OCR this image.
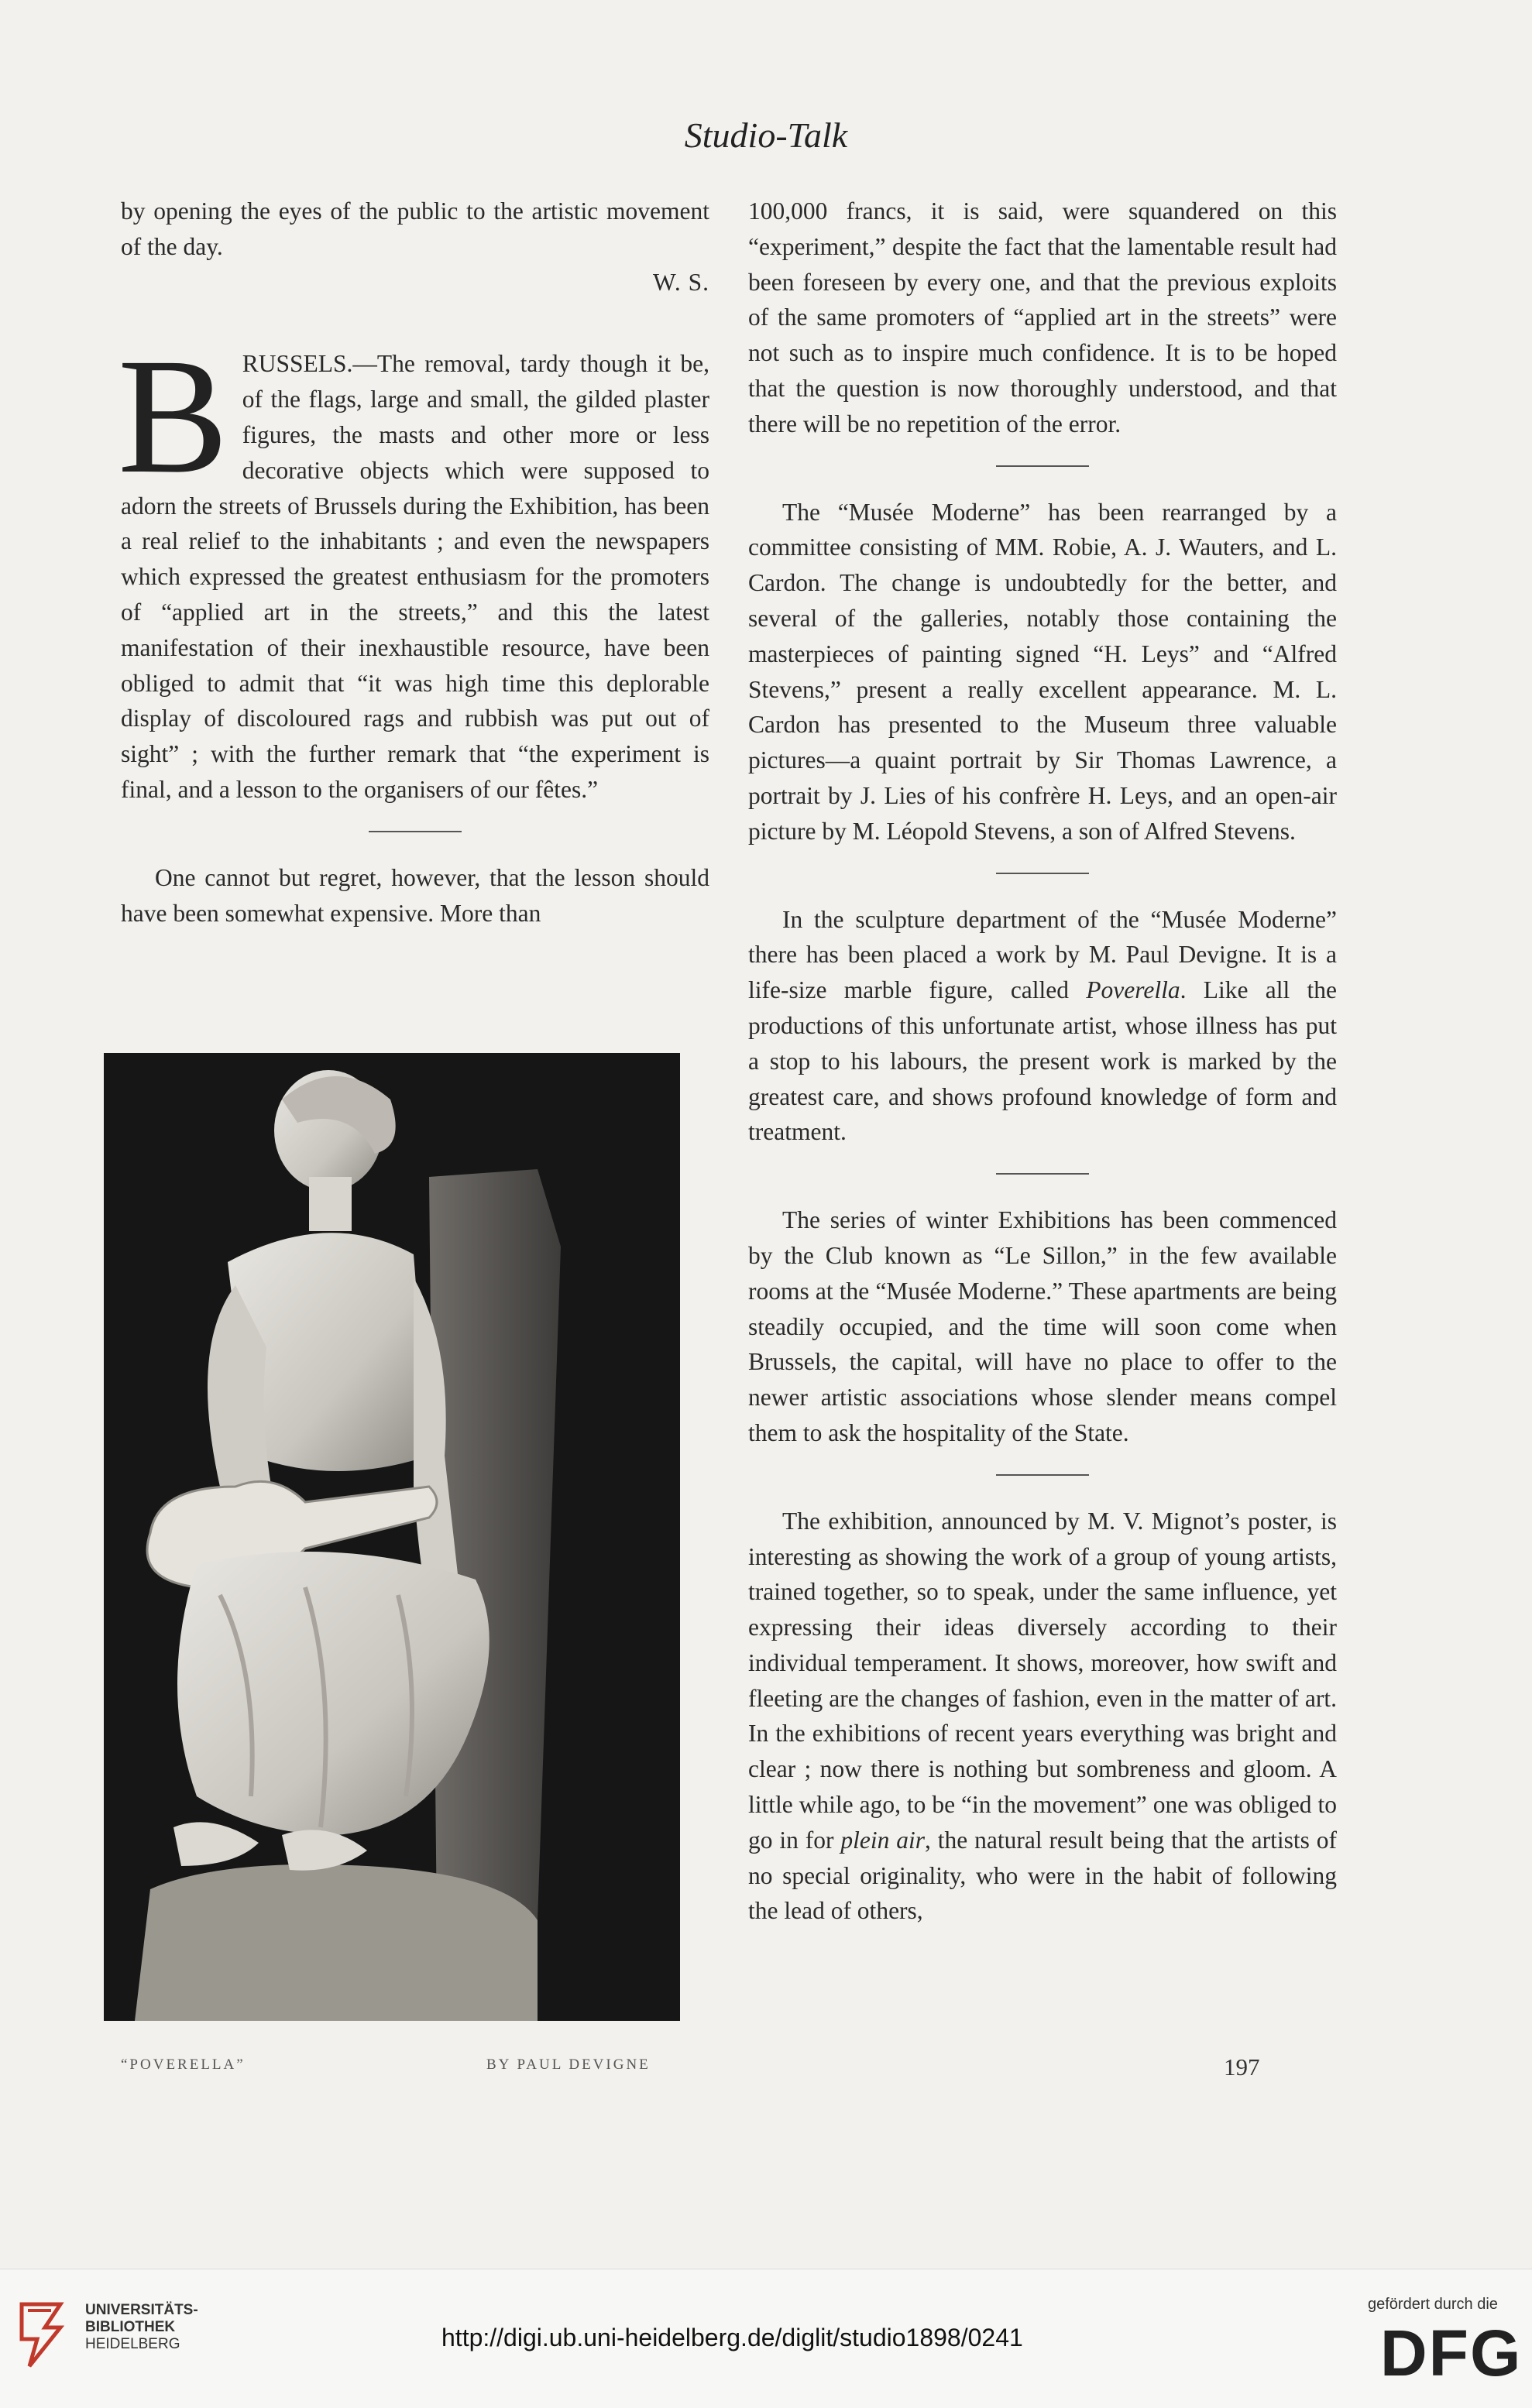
Studio-Talk

by opening the eyes of the public to the artistic movement of the day.

W. S.

BRUSSELS.—The removal, tardy though it be, of the flags, large and small, the gilded plaster figures, the masts and other more or less decorative objects which were supposed to adorn the streets of Brussels during the Exhibition, has been a real relief to the inhabitants ; and even the newspapers which expressed the greatest enthusiasm for the promoters of “applied art in the streets,” and this the latest manifestation of their inexhaustible resource, have been obliged to admit that “it was high time this deplorable display of discoloured rags and rubbish was put out of sight” ; with the further remark that “the experiment is final, and a lesson to the organisers of our fêtes.”

One cannot but regret, however, that the lesson should have been somewhat expensive. More than

“POVERELLA”	BY PAUL DEVIGNE

100,000 francs, it is said, were squandered on this “experiment,” despite the fact that the lamentable result had been foreseen by every one, and that the previous exploits of the same promoters of “applied art in the streets” were not such as to inspire much confidence. It is to be hoped that the question is now thoroughly understood, and that there will be no repetition of the error.

The “Musée Moderne” has been rearranged by a committee consisting of MM. Robie, A. J. Wauters, and L. Cardon. The change is undoubtedly for the better, and several of the galleries, notably those containing the masterpieces of painting signed “H. Leys” and “Alfred Stevens,” present a really excellent appearance. M. L. Cardon has presented to the Museum three valuable pictures—a quaint portrait by Sir Thomas Lawrence, a portrait by J. Lies of his confrère H. Leys, and an open-air picture by M. Léopold Stevens, a son of Alfred Stevens.

In the sculpture department of the “Musée Moderne” there has been placed a work by M. Paul Devigne. It is a life-size marble figure, called Poverella. Like all the productions of this unfortunate artist, whose illness has put a stop to his labours, the present work is marked by the greatest care, and shows profound knowledge of form and treatment.

The series of winter Exhibitions has been commenced by the Club known as “Le Sillon,” in the few available rooms at the “Musée Moderne.” These apartments are being steadily occupied, and the time will soon come when Brussels, the capital, will have no place to offer to the newer artistic associations whose slender means compel them to ask the hospitality of the State.

The exhibition, announced by M. V. Mignot’s poster, is interesting as showing the work of a group of young artists, trained together, so to speak, under the same influence, yet expressing their ideas diversely according to their individual temperament. It shows, moreover, how swift and fleeting are the changes of fashion, even in the matter of art. In the exhibitions of recent years everything was bright and clear ; now there is nothing but sombreness and gloom. A little while ago, to be “in the movement” one was obliged to go in for plein air, the natural result being that the artists of no special originality, who were in the habit of following the lead of others,

197
UNIVERSITÄTS-
BIBLIOTHEK
HEIDELBERG	http://digi.ub.uni-heidelberg.de/diglit/studio1898/0241
gefördert durch die
DFG
